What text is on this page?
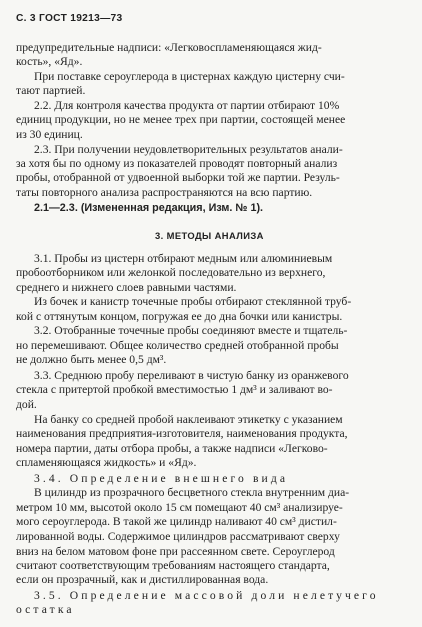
С. 3 ГОСТ 19213—73
предупредительные надписи: «Легковоспламеняющаяся жид-
кость», «Яд».
При поставке сероуглерода в цистернах каждую цистерну счи-
тают партией.
2.2. Для контроля качества продукта от партии отбирают 10%
единиц продукции, но не менее трех при партии, состоящей менее
из 30 единиц.
2.3. При получении неудовлетворительных результатов анали-
за хотя бы по одному из показателей проводят повторный анализ
пробы, отобранной от удвоенной выборки той же партии. Резуль-
таты повторного анализа распространяются на всю партию.
2.1—2.3. (Измененная редакция, Изм. № 1).
3. МЕТОДЫ АНАЛИЗА
3.1. Пробы из цистерн отбирают медным или алюминиевым
пробоотборником или желонкой последовательно из верхнего,
среднего и нижнего слоев равными частями.
Из бочек и канистр точечные пробы отбирают стеклянной труб-
кой с оттянутым концом, погружая ее до дна бочки или канистры.
3.2. Отобранные точечные пробы соединяют вместе и тщатель-
но перемешивают. Общее количество средней отобранной пробы
не должно быть менее 0,5 дм³.
3.3. Среднюю пробу переливают в чистую банку из оранжевого
стекла с притертой пробкой вместимостью 1 дм³ и заливают во-
дой.
На банку со средней пробой наклеивают этикетку с указанием
наименования предприятия-изготовителя, наименования продукта,
номера партии, даты отбора пробы, а также надписи «Легково-
спламеняющаяся жидкость» и «Яд».
3.4. Определение внешнего вида
В цилиндр из прозрачного бесцветного стекла внутренним диа-
метром 10 мм, высотой около 15 см помещают 40 см³ анализируе-
мого сероуглерода. В такой же цилиндр наливают 40 см³ дистил-
лированной воды. Содержимое цилиндров рассматривают сверху
вниз на белом матовом фоне при рассеянном свете. Сероуглерод
считают соответствующим требованиям настоящего стандарта,
если он прозрачный, как и дистиллированная вода.
3.5. Определение массовой доли нелетучего
остатка
